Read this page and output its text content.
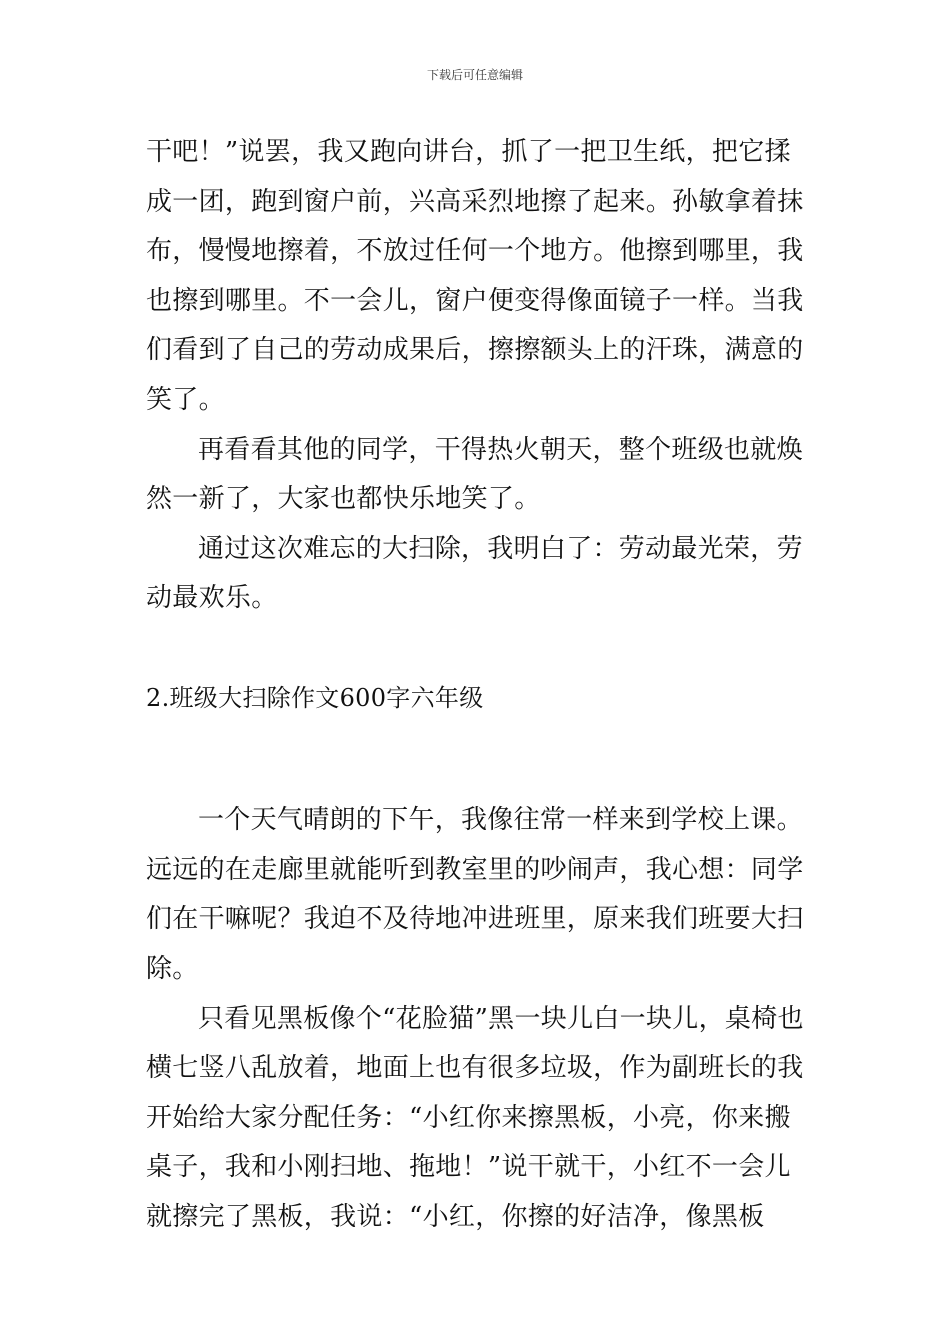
下载后可任意编辑

干吧！”说罢，我又跑向讲台，抓了一把卫生纸，把它揉成一团，跑到窗户前，兴高采烈地擦了起来。孙敏拿着抹布，慢慢地擦着，不放过任何一个地方。他擦到哪里，我也擦到哪里。不一会儿，窗户便变得像面镜子一样。当我们看到了自己的劳动成果后，擦擦额头上的汗珠，满意的笑了。

再看看其他的同学，干得热火朝天，整个班级也就焕然一新了，大家也都快乐地笑了。

通过这次难忘的大扫除，我明白了：劳动最光荣，劳动最欢乐。

2.班级大扫除作文600字六年级

一个天气晴朗的下午，我像往常一样来到学校上课。远远的在走廊里就能听到教室里的吵闹声，我心想：同学们在干嘛呢？我迫不及待地冲进班里，原来我们班要大扫除。

只看见黑板像个“花脸猫”黑一块儿白一块儿，桌椅也横七竖八乱放着，地面上也有很多垃圾，作为副班长的我开始给大家分配任务：“小红你来擦黑板，小亮，你来搬桌子，我和小刚扫地、拖地！”说干就干，小红不一会儿就擦完了黑板，我说：“小红，你擦的好洁净，像黑板
